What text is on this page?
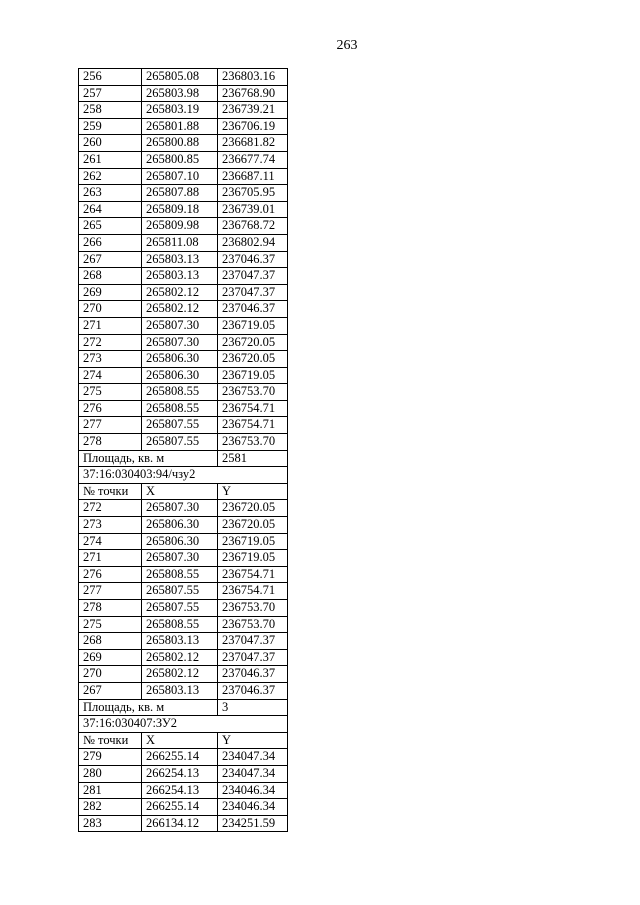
263
256	265805.08	236803.16
257	265803.98	236768.90
258	265803.19	236739.21
259	265801.88	236706.19
260	265800.88	236681.82
261	265800.85	236677.74
262	265807.10	236687.11
263	265807.88	236705.95
264	265809.18	236739.01
265	265809.98	236768.72
266	265811.08	236802.94
267	265803.13	237046.37
268	265803.13	237047.37
269	265802.12	237047.37
270	265802.12	237046.37
271	265807.30	236719.05
272	265807.30	236720.05
273	265806.30	236720.05
274	265806.30	236719.05
275	265808.55	236753.70
276	265808.55	236754.71
277	265807.55	236754.71
278	265807.55	236753.70
Площадь, кв. м		2581
37:16:030403:94/чзу2		
№ точки	X	Y
272	265807.30	236720.05
273	265806.30	236720.05
274	265806.30	236719.05
271	265807.30	236719.05
276	265808.55	236754.71
277	265807.55	236754.71
278	265807.55	236753.70
275	265808.55	236753.70
268	265803.13	237047.37
269	265802.12	237047.37
270	265802.12	237046.37
267	265803.13	237046.37
Площадь, кв. м		3
37:16:030407:ЗУ2		
№ точки	X	Y
279	266255.14	234047.34
280	266254.13	234047.34
281	266254.13	234046.34
282	266255.14	234046.34
283	266134.12	234251.59
